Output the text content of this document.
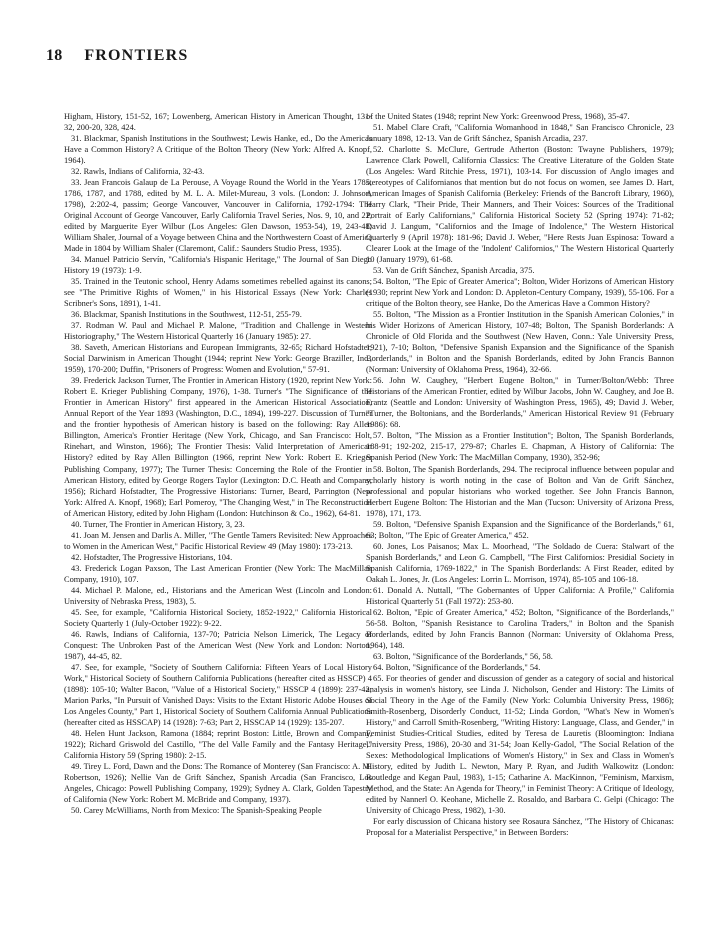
18 FRONTIERS

Higham, History, 151-52, 167; Lowenberg, American History in American Thought, 131-32, 200-20, 328, 424.

31. Blackmar, Spanish Institutions in the Southwest; Lewis Hanke, ed., Do the Americas Have a Common History? A Critique of the Bolton Theory (New York: Alfred A. Knopf, 1964).

32. Rawls, Indians of California, 32-43.

33. Jean Francois Galaup de La Perouse, A Voyage Round the World in the Years 1785, 1786, 1787, and 1788, edited by M. L. A. Milet-Mureau, 3 vols. (London: J. Johnson, 1798), 2:202-4, passim; George Vancouver, Vancouver in California, 1792-1794: The Original Account of George Vancouver, Early California Travel Series, Nos. 9, 10, and 22, edited by Marguerite Eyer Wilbur (Los Angeles: Glen Dawson, 1953-54), 19, 243-48; William Shaler, Journal of a Voyage between China and the Northwestern Coast of America Made in 1804 by William Shaler (Claremont, Calif.: Saunders Studio Press, 1935).

34. Manuel Patricio Servín, "California's Hispanic Heritage," The Journal of San Diego History 19 (1973): 1-9.

35. Trained in the Teutonic school, Henry Adams sometimes rebelled against its canons; see "The Primitive Rights of Women," in his Historical Essays (New York: Charles Scribner's Sons, 1891), 1-41.

36. Blackmar, Spanish Institutions in the Southwest, 112-51, 255-79.

37. Rodman W. Paul and Michael P. Malone, "Tradition and Challenge in Western Historiography," The Western Historical Quarterly 16 (January 1985): 27.

38. Saveth, American Historians and European Immigrants, 32-65; Richard Hofstadter, Social Darwinism in American Thought (1944; reprint New York: George Braziller, Inc., 1959), 170-200; Duffin, "Prisoners of Progress: Women and Evolution," 57-91.

39. Frederick Jackson Turner, The Frontier in American History (1920, reprint New York: Robert E. Krieger Publishing Company, 1976), 1-38. Turner's "The Significance of the Frontier in American History" first appeared in the American Historical Association, Annual Report of the Year 1893 (Washington, D.C., 1894), 199-227. Discussion of Turner and the frontier hypothesis of American history is based on the following: Ray Allen Billington, America's Frontier Heritage (New York, Chicago, and San Francisco: Holt, Rinehart, and Winston, 1966); The Frontier Thesis: Valid Interpretation of American History? edited by Ray Allen Billington (1966, reprint New York: Robert E. Krieger Publishing Company, 1977); The Turner Thesis: Concerning the Role of the Frontier in American History, edited by George Rogers Taylor (Lexington: D.C. Heath and Company, 1956); Richard Hofstadter, The Progressive Historians: Turner, Beard, Parrington (New York: Alfred A. Knopf, 1968); Earl Pomeroy, "The Changing West," in The Reconstruction of American History, edited by John Higham (London: Hutchinson & Co., 1962), 64-81.

40. Turner, The Frontier in American History, 3, 23.

41. Joan M. Jensen and Darlis A. Miller, "The Gentle Tamers Revisited: New Approaches to Women in the American West," Pacific Historical Review 49 (May 1980): 173-213.

42. Hofstadter, The Progressive Historians, 104.

43. Frederick Logan Paxson, The Last American Frontier (New York: The MacMillan Company, 1910), 107.

44. Michael P. Malone, ed., Historians and the American West (Lincoln and London: University of Nebraska Press, 1983), 5.

45. See, for example, "California Historical Society, 1852-1922," California Historical Society Quarterly 1 (July-October 1922): 9-22.

46. Rawls, Indians of California, 137-70; Patricia Nelson Limerick, The Legacy of Conquest: The Unbroken Past of the American West (New York and London: Norton, 1987), 44-45, 82.

47. See, for example, "Society of Southern California: Fifteen Years of Local History Work," Historical Society of Southern California Publications (hereafter cited as HSSCP) 4 (1898): 105-10; Walter Bacon, "Value of a Historical Society," HSSCP 4 (1899): 237-42; Marion Parks, "In Pursuit of Vanished Days: Visits to the Extant Historic Adobe Houses of Los Angeles County," Part 1, Historical Society of Southern California Annual Publications (hereafter cited as HSSCAP) 14 (1928): 7-63; Part 2, HSSCAP 14 (1929): 135-207.

48. Helen Hunt Jackson, Ramona (1884; reprint Boston: Little, Brown and Company, 1922); Richard Griswold del Castillo, "The del Valle Family and the Fantasy Heritage," California History 59 (Spring 1980): 2-15.

49. Tirey L. Ford, Dawn and the Dons: The Romance of Monterey (San Francisco: A. M. Robertson, 1926); Nellie Van de Grift Sánchez, Spanish Arcadia (San Francisco, Los Angeles, Chicago: Powell Publishing Company, 1929); Sydney A. Clark, Golden Tapestry of California (New York: Robert M. McBride and Company, 1937).

50. Carey McWilliams, North from Mexico: The Spanish-Speaking People

of the United States (1948; reprint New York: Greenwood Press, 1968), 35-47.

51. Mabel Clare Craft, "California Womanhood in 1848," San Francisco Chronicle, 23 January 1898, 12-13. Van de Grift Sánchez, Spanish Arcadia, 237.

52. Charlotte S. McClure, Gertrude Atherton (Boston: Twayne Publishers, 1979); Lawrence Clark Powell, California Classics: The Creative Literature of the Golden State (Los Angeles: Ward Ritchie Press, 1971), 103-14. For discussion of Anglo images and stereotypes of Californianos that mention but do not focus on women, see James D. Hart, American Images of Spanish California (Berkeley: Friends of the Bancroft Library, 1960), Harry Clark, "Their Pride, Their Manners, and Their Voices: Sources of the Traditional Portrait of Early Californians," California Historical Society 52 (Spring 1974): 71-82; David J. Langum, "Californios and the Image of Indolence," The Western Historical Quarterly 9 (April 1978): 181-96; David J. Weber, "Here Rests Juan Espinosa: Toward a Clearer Look at the Image of the 'Indolent' Californios," The Western Historical Quarterly 10 (January 1979), 61-68.

53. Van de Grift Sánchez, Spanish Arcadia, 375.

54. Bolton, "The Epic of Greater America"; Bolton, Wider Horizons of American History (1930; reprint New York and London: D. Appleton-Century Company, 1939), 55-106. For a critique of the Bolton theory, see Hanke, Do the Americas Have a Common History?

55. Bolton, "The Mission as a Frontier Institution in the Spanish American Colonies," in his Wider Horizons of American History, 107-48; Bolton, The Spanish Borderlands: A Chronicle of Old Florida and the Southwest (New Haven, Conn.: Yale University Press, 1921), 7-10; Bolton, "Defensive Spanish Expansion and the Significance of the Spanish Borderlands," in Bolton and the Spanish Borderlands, edited by John Francis Bannon (Norman: University of Oklahoma Press, 1964), 32-66.

56. John W. Caughey, "Herbert Eugene Bolton," in Turner/Bolton/Webb: Three Historians of the American Frontier, edited by Wilbur Jacobs, John W. Caughey, and Joe B. Frantz (Seattle and London: University of Washington Press, 1965), 49; David J. Weber, "Turner, the Boltonians, and the Borderlands," American Historical Review 91 (February 1986): 68.

57. Bolton, "The Mission as a Frontier Institution"; Bolton, The Spanish Borderlands, 188-91; 192-202, 215-17, 279-87; Charles E. Chapman, A History of California: The Spanish Period (New York: The MacMillan Company, 1930), 352-96;

58. Bolton, The Spanish Borderlands, 294. The reciprocal influence between popular and scholarly history is worth noting in the case of Bolton and Van de Grift Sánchez, professional and popular historians who worked together. See John Francis Bannon, Herbert Eugene Bolton: The Historian and the Man (Tucson: University of Arizona Press, 1978), 171, 173.

59. Bolton, "Defensive Spanish Expansion and the Significance of the Borderlands," 61, 63; Bolton, "The Epic of Greater America," 452.

60. Jones, Los Paisanos; Max L. Moorhead, "The Soldado de Cuera: Stalwart of the Spanish Borderlands," and Leon G. Campbell, "The First Californios: Presidial Society in Spanish California, 1769-1822," in The Spanish Borderlands: A First Reader, edited by Oakah L. Jones, Jr. (Los Angeles: Lorrin L. Morrison, 1974), 85-105 and 106-18.

61. Donald A. Nuttall, "The Gobernantes of Upper California: A Profile," California Historical Quarterly 51 (Fall 1972): 253-80.

62. Bolton, "Epic of Greater America," 452; Bolton, "Significance of the Borderlands," 56-58. Bolton, "Spanish Resistance to Carolina Traders," in Bolton and the Spanish Borderlands, edited by John Francis Bannon (Norman: University of Oklahoma Press, 1964), 148.

63. Bolton, "Significance of the Borderlands," 56, 58.

64. Bolton, "Significance of the Borderlands," 54.

65. For theories of gender and discussion of gender as a category of social and historical analysis in women's history, see Linda J. Nicholson, Gender and History: The Limits of Social Theory in the Age of the Family (New York: Columbia University Press, 1986); Smith-Rosenberg, Disorderly Conduct, 11-52; Linda Gordon, "What's New in Women's History," and Carroll Smith-Rosenberg, "Writing History: Language, Class, and Gender," in Feminist Studies-Critical Studies, edited by Teresa de Lauretis (Bloomington: Indiana University Press, 1986), 20-30 and 31-54; Joan Kelly-Gadol, "The Social Relation of the Sexes: Methodological Implications of Women's History," in Sex and Class in Women's History, edited by Judith L. Newton, Mary P. Ryan, and Judith Walkowitz (London: Routledge and Kegan Paul, 1983), 1-15; Catharine A. MacKinnon, "Feminism, Marxism, Method, and the State: An Agenda for Theory," in Feminist Theory: A Critique of Ideology, edited by Nannerl O. Keohane, Michelle Z. Rosaldo, and Barbara C. Gelpi (Chicago: The University of Chicago Press, 1982), 1-30.

For early discussion of Chicana history see Rosaura Sánchez, "The History of Chicanas: Proposal for a Materialist Perspective," in Between Borders:
